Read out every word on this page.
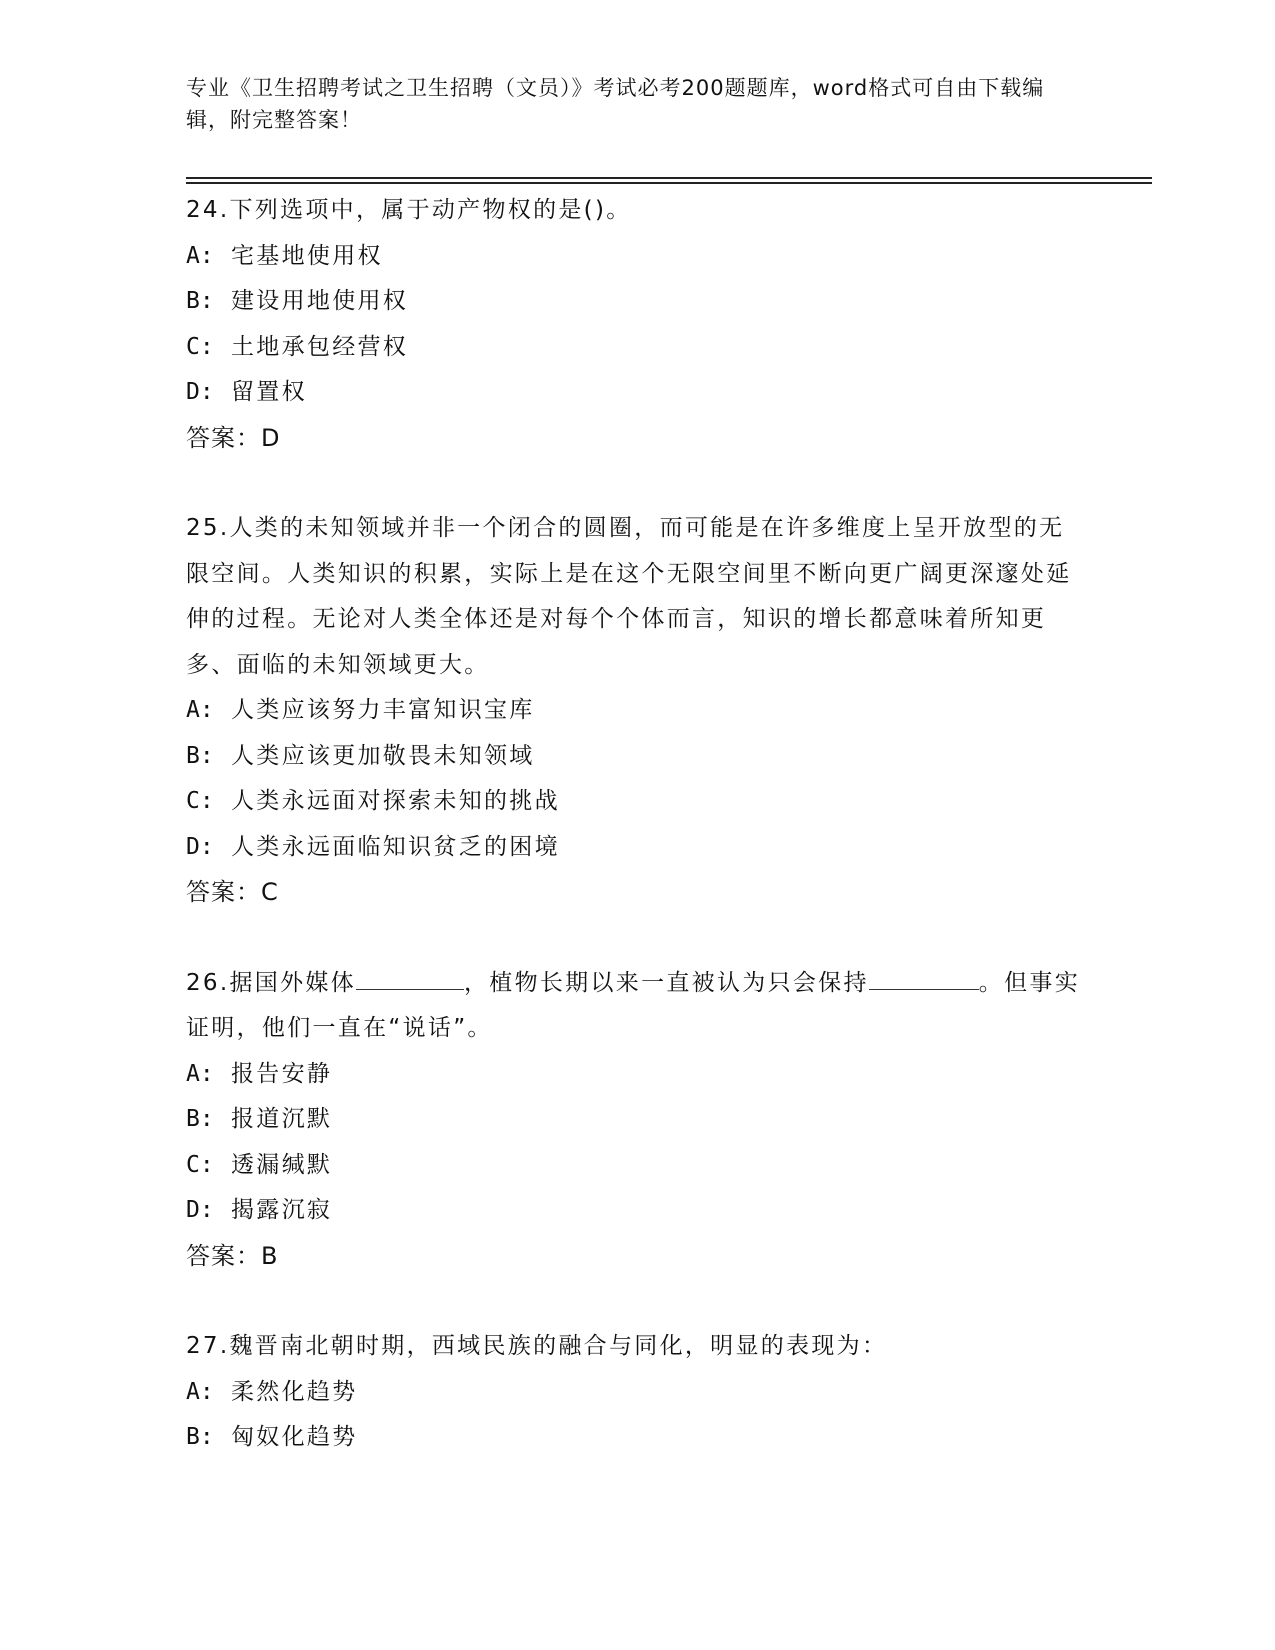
专业《卫生招聘考试之卫生招聘（文员）》考试必考200题题库，word格式可自由下载编辑，附完整答案！
24.下列选项中，属于动产物权的是()。
A: 宅基地使用权
B: 建设用地使用权
C: 土地承包经营权
D: 留置权
答案：D
25.人类的未知领域并非一个闭合的圆圈，而可能是在许多维度上呈开放型的无限空间。人类知识的积累，实际上是在这个无限空间里不断向更广阔更深邃处延伸的过程。无论对人类全体还是对每个个体而言，知识的增长都意味着所知更多、面临的未知领域更大。
A: 人类应该努力丰富知识宝库
B: 人类应该更加敬畏未知领域
C: 人类永远面对探索未知的挑战
D: 人类永远面临知识贫乏的困境
答案：C
26.据国外媒体	，植物长期以来一直被认为只会保持	。但事实证明，他们一直在“说话”。
A: 报告安静
B: 报道沉默
C: 透漏缄默
D: 揭露沉寂
答案：B
27.魏晋南北朝时期，西域民族的融合与同化，明显的表现为：
A: 柔然化趋势
B: 匈奴化趋势
